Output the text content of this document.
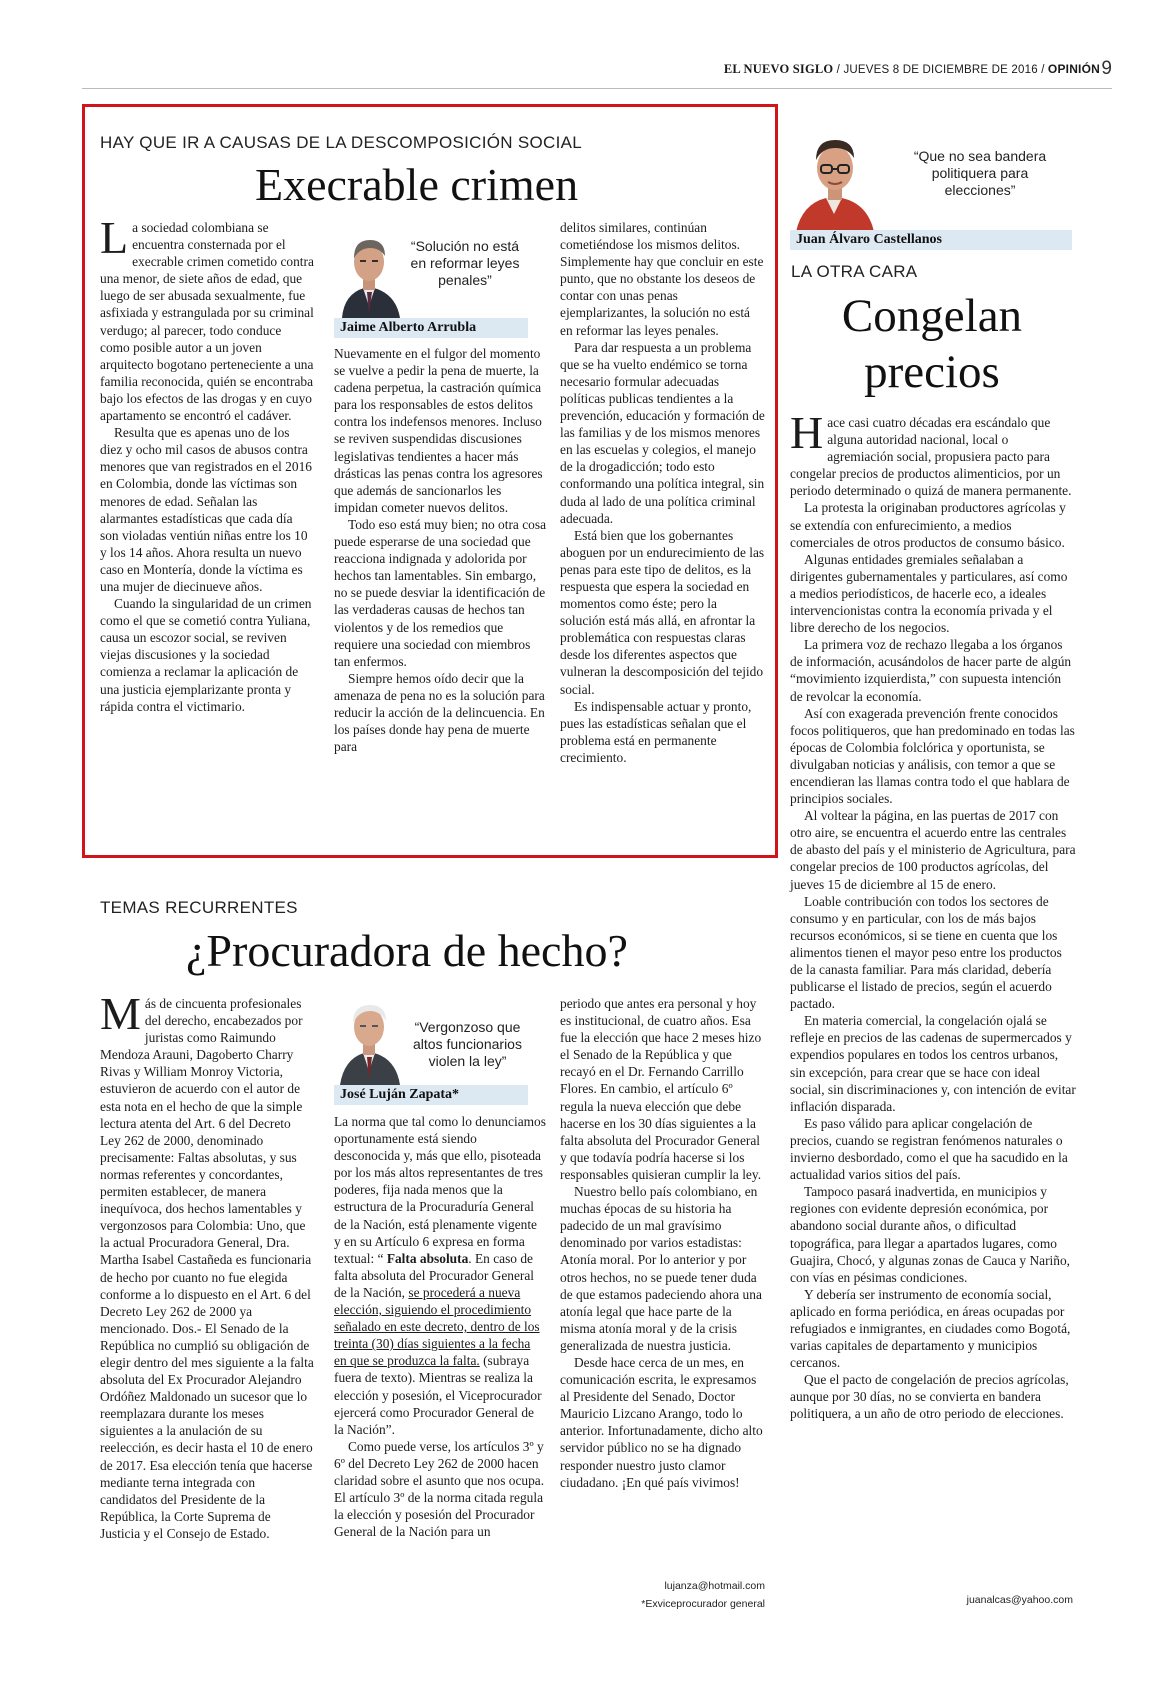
EL NUEVO SIGLO / JUEVES 8 DE DICIEMBRE DE 2016 / OPINIÓN 9
HAY QUE IR A CAUSAS DE LA DESCOMPOSICIÓN SOCIAL
Execrable crimen

La sociedad colombiana se encuentra consternada por el execrable crimen cometido contra una menor, de siete años de edad, que luego de ser abusada sexualmente, fue asfixiada y estrangulada por su criminal verdugo; al parecer, todo conduce como posible autor a un joven arquitecto bogotano perteneciente a una familia reconocida, quién se encontraba bajo los efectos de las drogas y en cuyo apartamento se encontró el cadáver.

Resulta que es apenas uno de los diez y ocho mil casos de abusos contra menores que van registrados en el 2016 en Colombia, donde las víctimas son menores de edad. Señalan las alarmantes estadísticas que cada día son violadas ventiún niñas entre los 10 y los 14 años. Ahora resulta un nuevo caso en Montería, donde la víctima es una mujer de diecinueve años.

Cuando la singularidad de un crimen como el que se cometió contra Yuliana, causa un escozor social, se reviven viejas discusiones y la sociedad comienza a reclamar la aplicación de una justicia ejemplarizante pronta y rápida contra el victimario.

“Solución no está en reformar leyes penales”
Jaime Alberto Arrubla

Nuevamente en el fulgor del momento se vuelve a pedir la pena de muerte, la cadena perpetua, la castración química para los responsables de estos delitos contra los indefensos menores. Incluso se reviven suspendidas discusiones legislativas tendientes a hacer más drásticas las penas contra los agresores que además de sancionarlos les impidan cometer nuevos delitos.

Todo eso está muy bien; no otra cosa puede esperarse de una sociedad que reacciona indignada y adolorida por hechos tan lamentables. Sin embargo, no se puede desviar la identificación de las verdaderas causas de hechos tan violentos y de los remedios que requiere una sociedad con miembros tan enfermos.

Siempre hemos oído decir que la amenaza de pena no es la solución para reducir la acción de la delincuencia. En los países donde hay pena de muerte para

delitos similares, continúan cometiéndose los mismos delitos. Simplemente hay que concluir en este punto, que no obstante los deseos de contar con unas penas ejemplarizantes, la solución no está en reformar las leyes penales.

Para dar respuesta a un problema que se ha vuelto endémico se torna necesario formular adecuadas políticas publicas tendientes a la prevención, educación y formación de las familias y de los mismos menores en las escuelas y colegios, el manejo de la drogadicción; todo esto conformando una política integral, sin duda al lado de una política criminal adecuada.

Está bien que los gobernantes aboguen por un endurecimiento de las penas para este tipo de delitos, es la respuesta que espera la sociedad en momentos como éste; pero la solución está más allá, en afrontar la problemática con respuestas claras desde los diferentes aspectos que vulneran la descomposición del tejido social.

Es indispensable actuar y pronto, pues las estadísticas señalan que el problema está en permanente crecimiento.

TEMAS RECURRENTES
¿Procuradora de hecho?

Más de cincuenta profesionales del derecho, encabezados por juristas como Raimundo Mendoza Arauni, Dagoberto Charry Rivas y William Monroy Victoria, estuvieron de acuerdo con el autor de esta nota en el hecho de que la simple lectura atenta del Art. 6 del Decreto Ley 262 de 2000, denominado precisamente: Faltas absolutas, y sus normas referentes y concordantes, permiten establecer, de manera inequívoca, dos hechos lamentables y vergonzosos para Colombia: Uno, que la actual Procuradora General, Dra. Martha Isabel Castañeda es funcionaria de hecho por cuanto no fue elegida conforme a lo dispuesto en el Art. 6 del Decreto Ley 262 de 2000 ya mencionado. Dos.- El Senado de la República no cumplió su obligación de elegir dentro del mes siguiente a la falta absoluta del Ex Procurador Alejandro Ordóñez Maldonado un sucesor que lo reemplazara durante los meses siguientes a la anulación de su reelección, es decir hasta el 10 de enero de 2017. Esa elección tenía que hacerse mediante terna integrada con candidatos del Presidente de la República, la Corte Suprema de Justicia y el Consejo de Estado.

“Vergonzoso que altos funcionarios violen la ley”
José Luján Zapata*

La norma que tal como lo denunciamos oportunamente está siendo desconocida y, más que ello, pisoteada por los más altos representantes de tres poderes, fija nada menos que la estructura de la Procuraduría General de la Nación, está plenamente vigente y en su Artículo 6 expresa en forma textual: “ Falta absoluta. En caso de falta absoluta del Procurador General de la Nación, se procederá a nueva elección, siguiendo el procedimiento señalado en este decreto, dentro de los treinta (30) días siguientes a la fecha en que se produzca la falta. (subraya fuera de texto). Mientras se realiza la elección y posesión, el Viceprocurador ejercerá como Procurador General de la Nación”.

Como puede verse, los artículos 3º y 6º del Decreto Ley 262 de 2000 hacen claridad sobre el asunto que nos ocupa. El artículo 3º de la norma citada regula la elección y posesión del Procurador General de la Nación para un

periodo que antes era personal y hoy es institucional, de cuatro años. Esa fue la elección que hace 2 meses hizo el Senado de la República y que recayó en el Dr. Fernando Carrillo Flores. En cambio, el artículo 6º regula la nueva elección que debe hacerse en los 30 días siguientes a la falta absoluta del Procurador General y que todavía podría hacerse si los responsables quisieran cumplir la ley.

Nuestro bello país colombiano, en muchas épocas de su historia ha padecido de un mal gravísimo denominado por varios estadistas: Atonía moral. Por lo anterior y por otros hechos, no se puede tener duda de que estamos padeciendo ahora una atonía legal que hace parte de la misma atonía moral y de la crisis generalizada de nuestra justicia.

Desde hace cerca de un mes, en comunicación escrita, le expresamos al Presidente del Senado, Doctor Mauricio Lizcano Arango, todo lo anterior. Infortunadamente, dicho alto servidor público no se ha dignado responder nuestro justo clamor ciudadano. ¡En qué país vivimos!

lujanza@hotmail.com
*Exviceprocurador general
“Que no sea bandera politiquera para elecciones”
Juan Álvaro Castellanos
LA OTRA CARA
Congelan
precios

Hace casi cuatro décadas era escándalo que alguna autoridad nacional, local o agremiación social, propusiera pacto para congelar precios de productos alimenticios, por un periodo determinado o quizá de manera permanente.

La protesta la originaban productores agrícolas y se extendía con enfurecimiento, a medios comerciales de otros productos de consumo básico.

Algunas entidades gremiales señalaban a dirigentes gubernamentales y particulares, así como a medios periodísticos, de hacerle eco, a ideales intervencionistas contra la economía privada y el libre derecho de los negocios.

La primera voz de rechazo llegaba a los órganos de información, acusándolos de hacer parte de algún “movimiento izquierdista,” con supuesta intención de revolcar la economía.

Así con exagerada prevención frente conocidos focos politiqueros, que han predominado en todas las épocas de Colombia folclórica y oportunista, se divulgaban noticias y análisis, con temor a que se encendieran las llamas contra todo el que hablara de principios sociales.

Al voltear la página, en las puertas de 2017 con otro aire, se encuentra el acuerdo entre las centrales de abasto del país y el ministerio de Agricultura, para congelar precios de 100 productos agrícolas, del jueves 15 de diciembre al 15 de enero.

Loable contribución con todos los sectores de consumo y en particular, con los de más bajos recursos económicos, si se tiene en cuenta que los alimentos tienen el mayor peso entre los productos de la canasta familiar. Para más claridad, debería publicarse el listado de precios, según el acuerdo pactado.

En materia comercial, la congelación ojalá se refleje en precios de las cadenas de supermercados y expendios populares en todos los centros urbanos, sin excepción, para crear que se hace con ideal social, sin discriminaciones y, con intención de evitar inflación disparada.

Es paso válido para aplicar congelación de precios, cuando se registran fenómenos naturales o invierno desbordado, como el que ha sacudido en la actualidad varios sitios del país.

Tampoco pasará inadvertida, en municipios y regiones con evidente depresión económica, por abandono social durante años, o dificultad topográfica, para llegar a apartados lugares, como Guajira, Chocó, y algunas zonas de Cauca y Nariño, con vías en pésimas condiciones.

Y debería ser instrumento de economía social, aplicado en forma periódica, en áreas ocupadas por refugiados e inmigrantes, en ciudades como Bogotá, varias capitales de departamento y municipios cercanos.

Que el pacto de congelación de precios agrícolas, aunque por 30 días, no se convierta en bandera politiquera, a un año de otro periodo de elecciones.

juanalcas@yahoo.com
